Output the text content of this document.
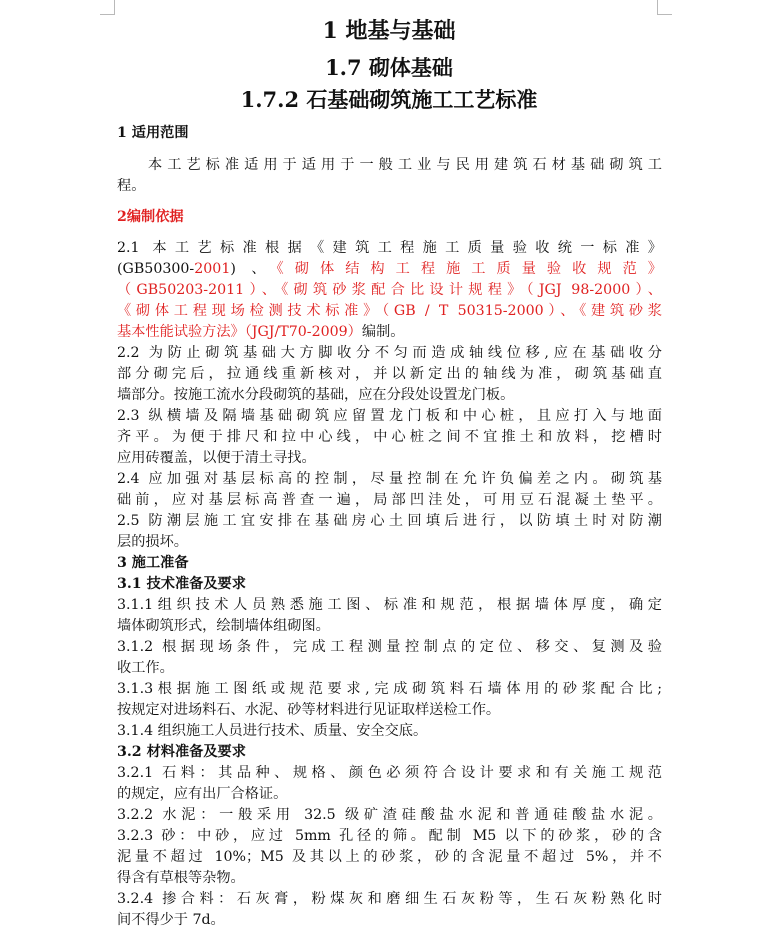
1 地基与基础
1.7 砌体基础
1.7.2 石基础砌筑施工工艺标准
1 适用范围
本工艺标准适用于适用于一般工业与民用建筑石材基础砌筑工
程。
2编制依据
2.1 本工艺标准根据《建筑工程施工质量验收统一标准》
(GB50300-2001) 、《砌体结构工程施工质量验收规范》
（GB50203-2011）、《砌筑砂浆配合比设计规程》（JGJ 98-2000）、
《砌体工程现场检测技术标准》（GB / T 50315-2000）、《建筑砂浆
基本性能试验方法》（JGJ/T70-2009）编制。
2.2 为防止砌筑基础大方脚收分不匀而造成轴线位移,应在基础收分
部分砌完后，拉通线重新核对，并以新定出的轴线为准，砌筑基础直
墙部分。按施工流水分段砌筑的基础，应在分段处设置龙门板。
2.3 纵横墙及隔墙基础砌筑应留置龙门板和中心桩，且应打入与地面
齐平。为便于排尺和拉中心线，中心桩之间不宜推土和放料，挖槽时
应用砖覆盖，以便于清土寻找。
2.4 应加强对基层标高的控制，尽量控制在允许负偏差之内。砌筑基
础前，应对基层标高普查一遍，局部凹洼处，可用豆石混凝土垫平。
2.5 防潮层施工宜安排在基础房心土回填后进行，以防填土时对防潮
层的损坏。
3 施工准备
3.1 技术准备及要求
3.1.1组织技术人员熟悉施工图、标准和规范，根据墙体厚度，确定
墙体砌筑形式，绘制墙体组砌图。
3.1.2 根据现场条件，完成工程测量控制点的定位、移交、复测及验
收工作。
3.1.3根据施工图纸或规范要求,完成砌筑料石墙体用的砂浆配合比;
按规定对进场料石、水泥、砂等材料进行见证取样送检工作。
3.1.4 组织施工人员进行技术、质量、安全交底。
3.2 材料准备及要求
3.2.1 石料：其品种、规格、颜色必须符合设计要求和有关施工规范
的规定，应有出厂合格证。
3.2.2 水泥：一般采用 32.5 级矿渣硅酸盐水泥和普通硅酸盐水泥。
3.2.3 砂：中砂，应过 5mm 孔径的筛。配制 M5 以下的砂浆，砂的含
泥量不超过 10%；M5 及其以上的砂浆，砂的含泥量不超过 5%，并不
得含有草根等杂物。
3.2.4 掺合料：石灰膏，粉煤灰和磨细生石灰粉等，生石灰粉熟化时
间不得少于 7d。
